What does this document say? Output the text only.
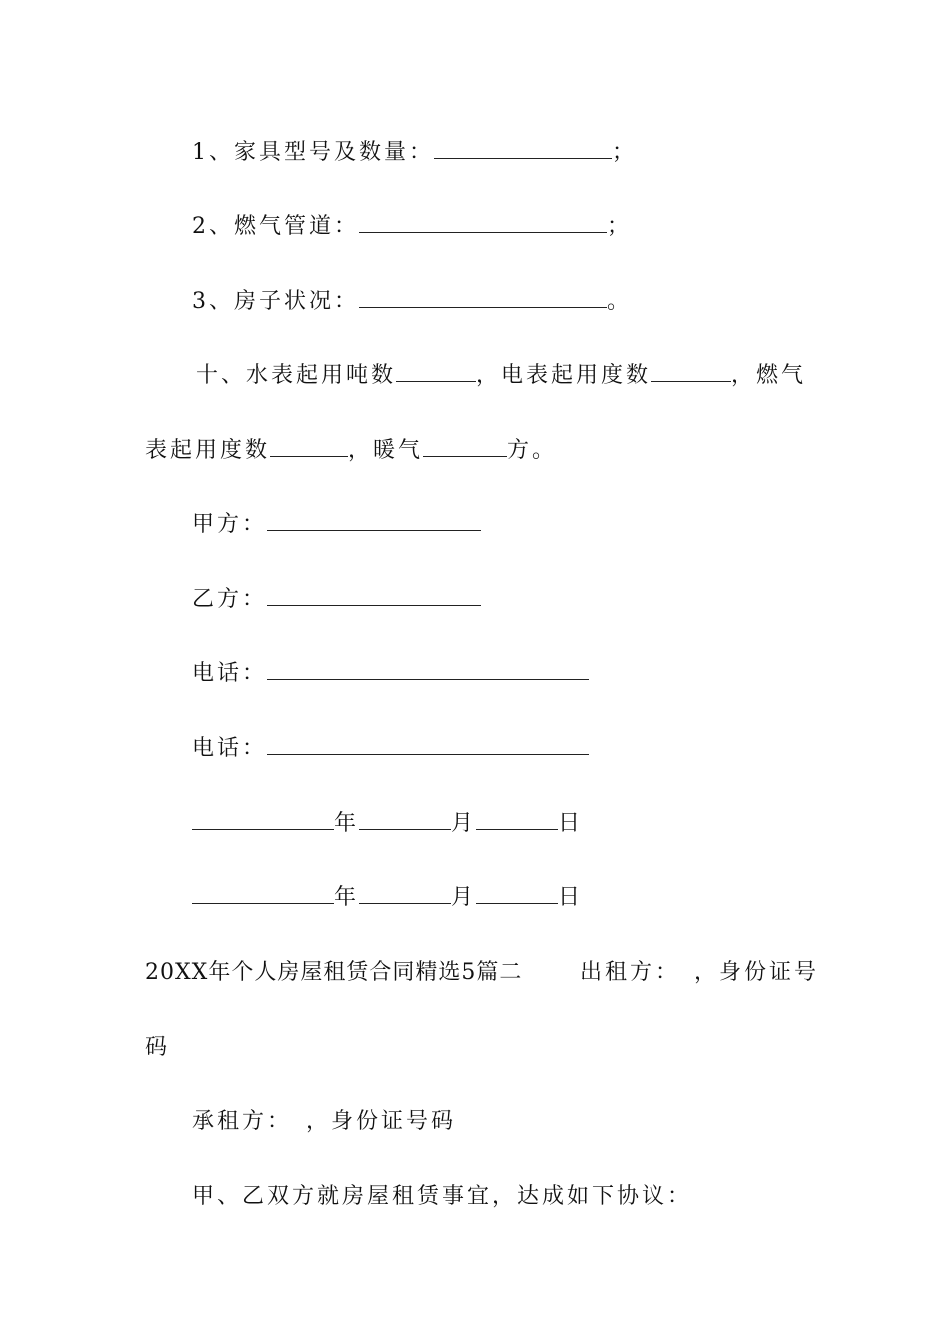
1、家具型号及数量：	；
2、燃气管道：	；
3、房子状况：	。
十、水表起用吨数	，电表起用度数	，燃气
表起用度数	，暖气	方。
甲方：
乙方：
电话：
电话：
年	月	日
年	月	日
20XX年个人房屋租赁合同精选5篇二	出租方：　，身份证号
码
承租方：　，身份证号码
甲、乙双方就房屋租赁事宜，达成如下协议：
